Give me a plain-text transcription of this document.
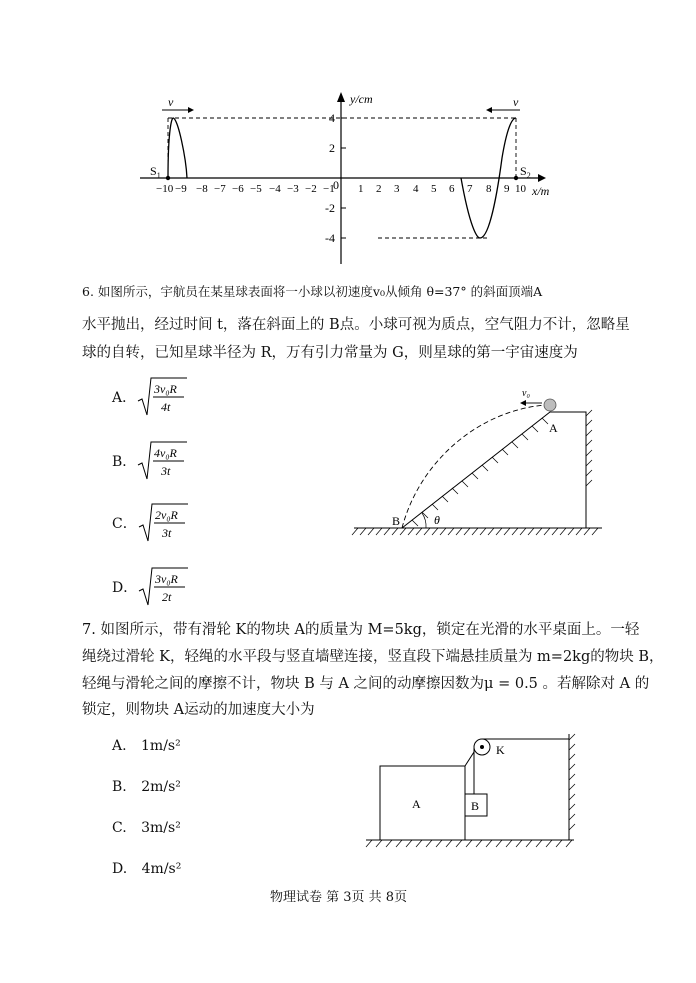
y/cm
x/m
4
2
-2
-4
0
−10 −9 −8 −7 −6 −5 −4 −3 −2 −1 1 2 3 4 5 6 7 8 9 10
$S_1$	$S_2$
v	v
6. 如图所示，宇航员在某星球表面将一小球以初速度v₀从倾角 θ=37° 的斜面顶端A
水平抛出，经过时间 t，落在斜面上的 B点。小球可视为质点，空气阻力不计，忽略星
球的自转，已知星球半径为 R，万有引力常量为 G，则星球的第一宇宙速度为
A．
3v₀R
4t
B．
4v₀R
3t
C．
2v₀R
3t
D．
3v₀R
2t
v₀
A
B	θ
7. 如图所示，带有滑轮 K的物块 A的质量为 M=5kg，锁定在光滑的水平桌面上。一轻
绳绕过滑轮 K，轻绳的水平段与竖直墙壁连接，竖直段下端悬挂质量为 m=2kg的物块 B，
轻绳与滑轮之间的摩擦不计，物块 B 与 A 之间的动摩擦因数为μ = 0.5 。若解除对 A 的
锁定，则物块 A运动的加速度大小为
A. 1m/s²
B. 2m/s²
C. 3m/s²
D. 4m/s²
A
K
B
物理试卷 第 3页 共 8页
